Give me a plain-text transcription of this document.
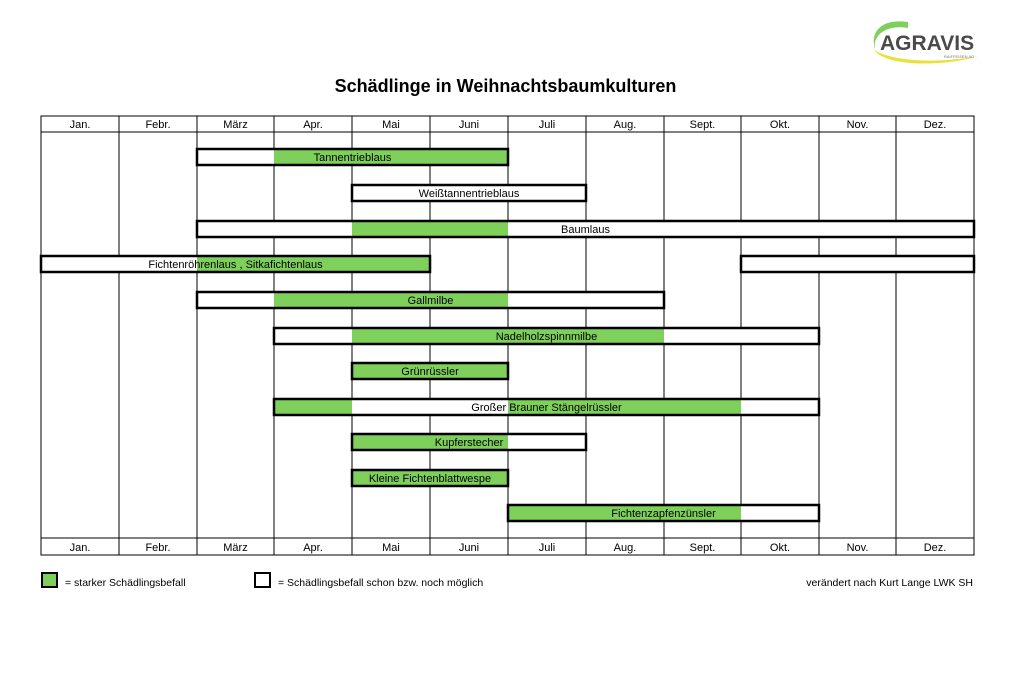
AGRAVIS
RAIFFEISEN AG
Schädlinge in Weihnachtsbaumkulturen
Jan.
Jan.
Febr.
Febr.
März
März
Apr.
Apr.
Mai
Mai
Juni
Juni
Juli
Juli
Aug.
Aug.
Sept.
Sept.
Okt.
Okt.
Nov.
Nov.
Dez.
Dez.
Tannentrieblaus
Weißtannentrieblaus
Baumlaus
Fichtenröhrenlaus , Sitkafichtenlaus
Gallmilbe
Nadelholzspinnmilbe
Grünrüssler
Großer Brauner Stängelrüssler
Kupferstecher
Kleine Fichtenblattwespe
Fichtenzapfenzünsler
= starker Schädlingsbefall	= Schädlingsbefall schon bzw. noch möglich	verändert nach Kurt Lange LWK SH
